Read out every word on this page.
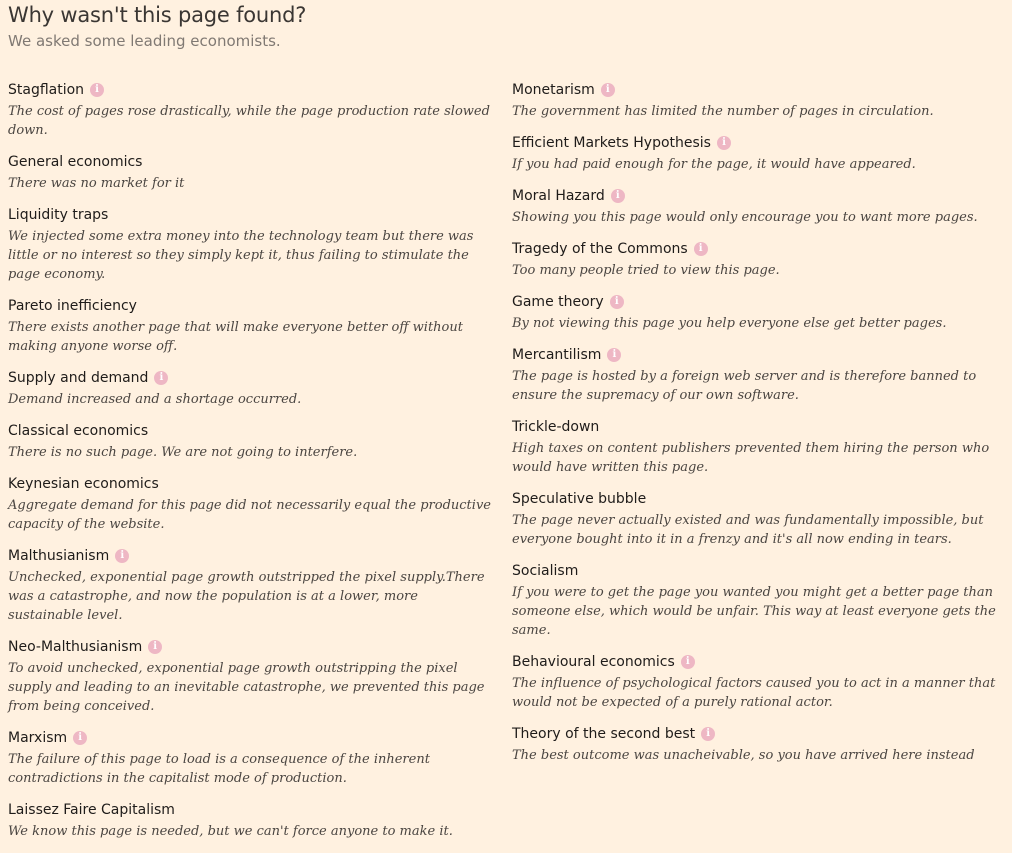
Why wasn't this page found?
We asked some leading economists.
Stagflation	i
The cost of pages rose drastically, while the page production rate slowed down.
General economics
There was no market for it
Liquidity traps
We injected some extra money into the technology team but there was little or no interest so they simply kept it, thus failing to stimulate the page economy.
Pareto inefficiency
There exists another page that will make everyone better off without making anyone worse off.
Supply and demand	i
Demand increased and a shortage occurred.
Classical economics
There is no such page. We are not going to interfere.
Keynesian economics
Aggregate demand for this page did not necessarily equal the productive capacity of the website.
Malthusianism	i
Unchecked, exponential page growth outstripped the pixel supply.There was a catastrophe, and now the population is at a lower, more sustainable level.
Neo-Malthusianism	i
To avoid unchecked, exponential page growth outstripping the pixel supply and leading to an inevitable catastrophe, we prevented this page from being conceived.
Marxism	i
The failure of this page to load is a consequence of the inherent contradictions in the capitalist mode of production.
Laissez Faire Capitalism
We know this page is needed, but we can't force anyone to make it.
Monetarism	i
The government has limited the number of pages in circulation.
Efficient Markets Hypothesis	i
If you had paid enough for the page, it would have appeared.
Moral Hazard	i
Showing you this page would only encourage you to want more pages.
Tragedy of the Commons	i
Too many people tried to view this page.
Game theory	i
By not viewing this page you help everyone else get better pages.
Mercantilism	i
The page is hosted by a foreign web server and is therefore banned to ensure the supremacy of our own software.
Trickle-down
High taxes on content publishers prevented them hiring the person who would have written this page.
Speculative bubble
The page never actually existed and was fundamentally impossible, but everyone bought into it in a frenzy and it's all now ending in tears.
Socialism
If you were to get the page you wanted you might get a better page than someone else, which would be unfair. This way at least everyone gets the same.
Behavioural economics	i
The influence of psychological factors caused you to act in a manner that would not be expected of a purely rational actor.
Theory of the second best	i
The best outcome was unacheivable, so you have arrived here instead
